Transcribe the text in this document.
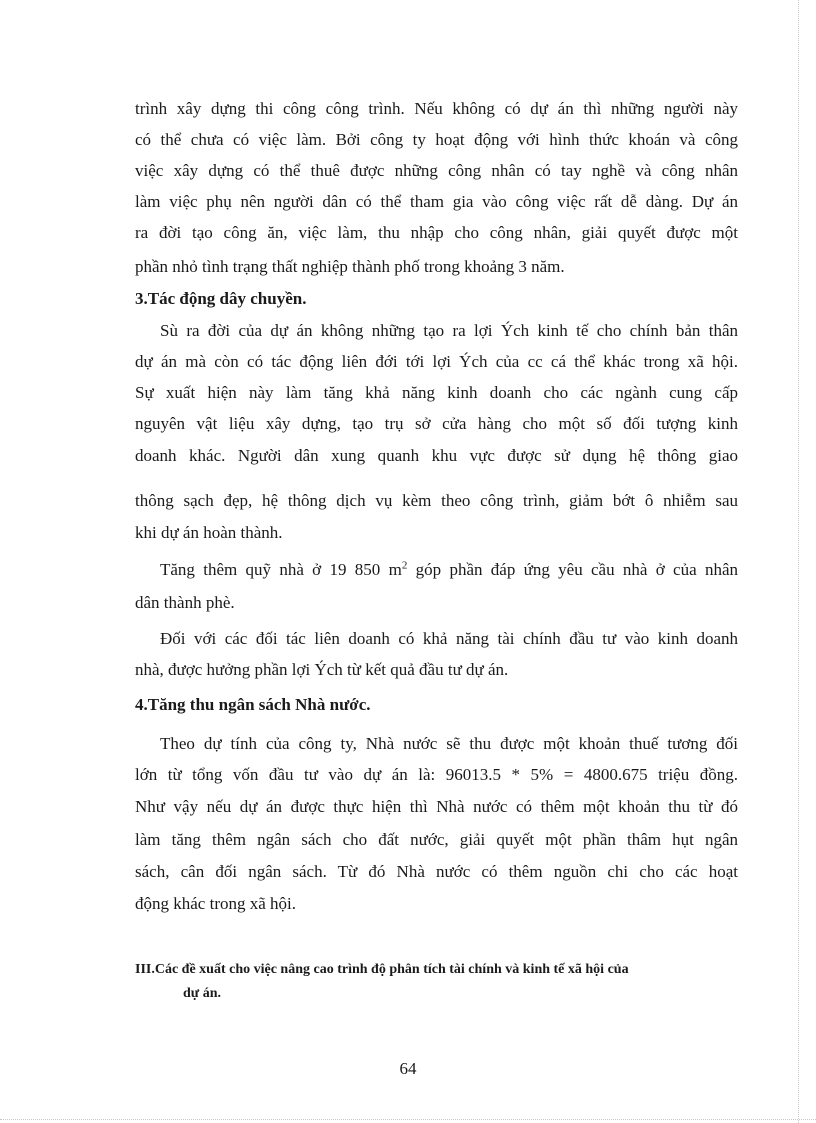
trình xây dựng thi công công trình. Nếu không có dự án thì những người này
có thể chưa có việc làm. Bởi công ty hoạt động với hình thức khoán và công
việc xây dựng có thể thuê được những công nhân có tay nghề và công nhân
làm việc phụ nên người dân có thể tham gia vào công việc rất dễ dàng. Dự án
ra đời tạo công ăn, việc làm, thu nhập cho công nhân, giải quyết được một
phần nhỏ tình trạng thất nghiệp thành phố trong khoảng 3 năm.
3.Tác động dây chuyền.
Sù ra đời của dự án không những tạo ra lợi Ých kinh tế cho chính bản thân
dự án mà còn có tác động liên đới tới lợi Ých của cc cá thể khác trong xã hội.
Sự xuất hiện này làm tăng khả năng kinh doanh cho các ngành cung cấp
nguyên vật liệu xây dựng, tạo trụ sở cửa hàng cho một số đối tượng kinh
doanh khác. Người dân xung quanh khu vực được sử dụng hệ thông giao
thông sạch đẹp, hệ thông dịch vụ kèm theo công trình, giảm bớt ô nhiễm sau
khi dự án hoàn thành.
Tăng thêm quỹ nhà ở 19 850 $m^2$ góp phần đáp ứng yêu cầu nhà ở của nhân
dân thành phè.
Đối với các đối tác liên doanh có khả năng tài chính đầu tư vào kinh doanh
nhà, được hưởng phần lợi Ých từ kết quả đầu tư dự án.
4.Tăng thu ngân sách Nhà nước.
Theo dự tính của công ty, Nhà nước sẽ thu được một khoản thuế tương đối
lớn từ tổng vốn đầu tư vào dự án là: 96013.5 * 5% = 4800.675 triệu đồng.
Như vậy nếu dự án được thực hiện thì Nhà nước có thêm một khoản thu từ đó
làm tăng thêm ngân sách cho đất nước, giải quyết một phần thâm hụt ngân
sách, cân đối ngân sách. Từ đó Nhà nước có thêm nguồn chi cho các hoạt
động khác trong xã hội.
III.Các đề xuất cho việc nâng cao trình độ phân tích tài chính và kinh tế xã hội của
dự án.
64
